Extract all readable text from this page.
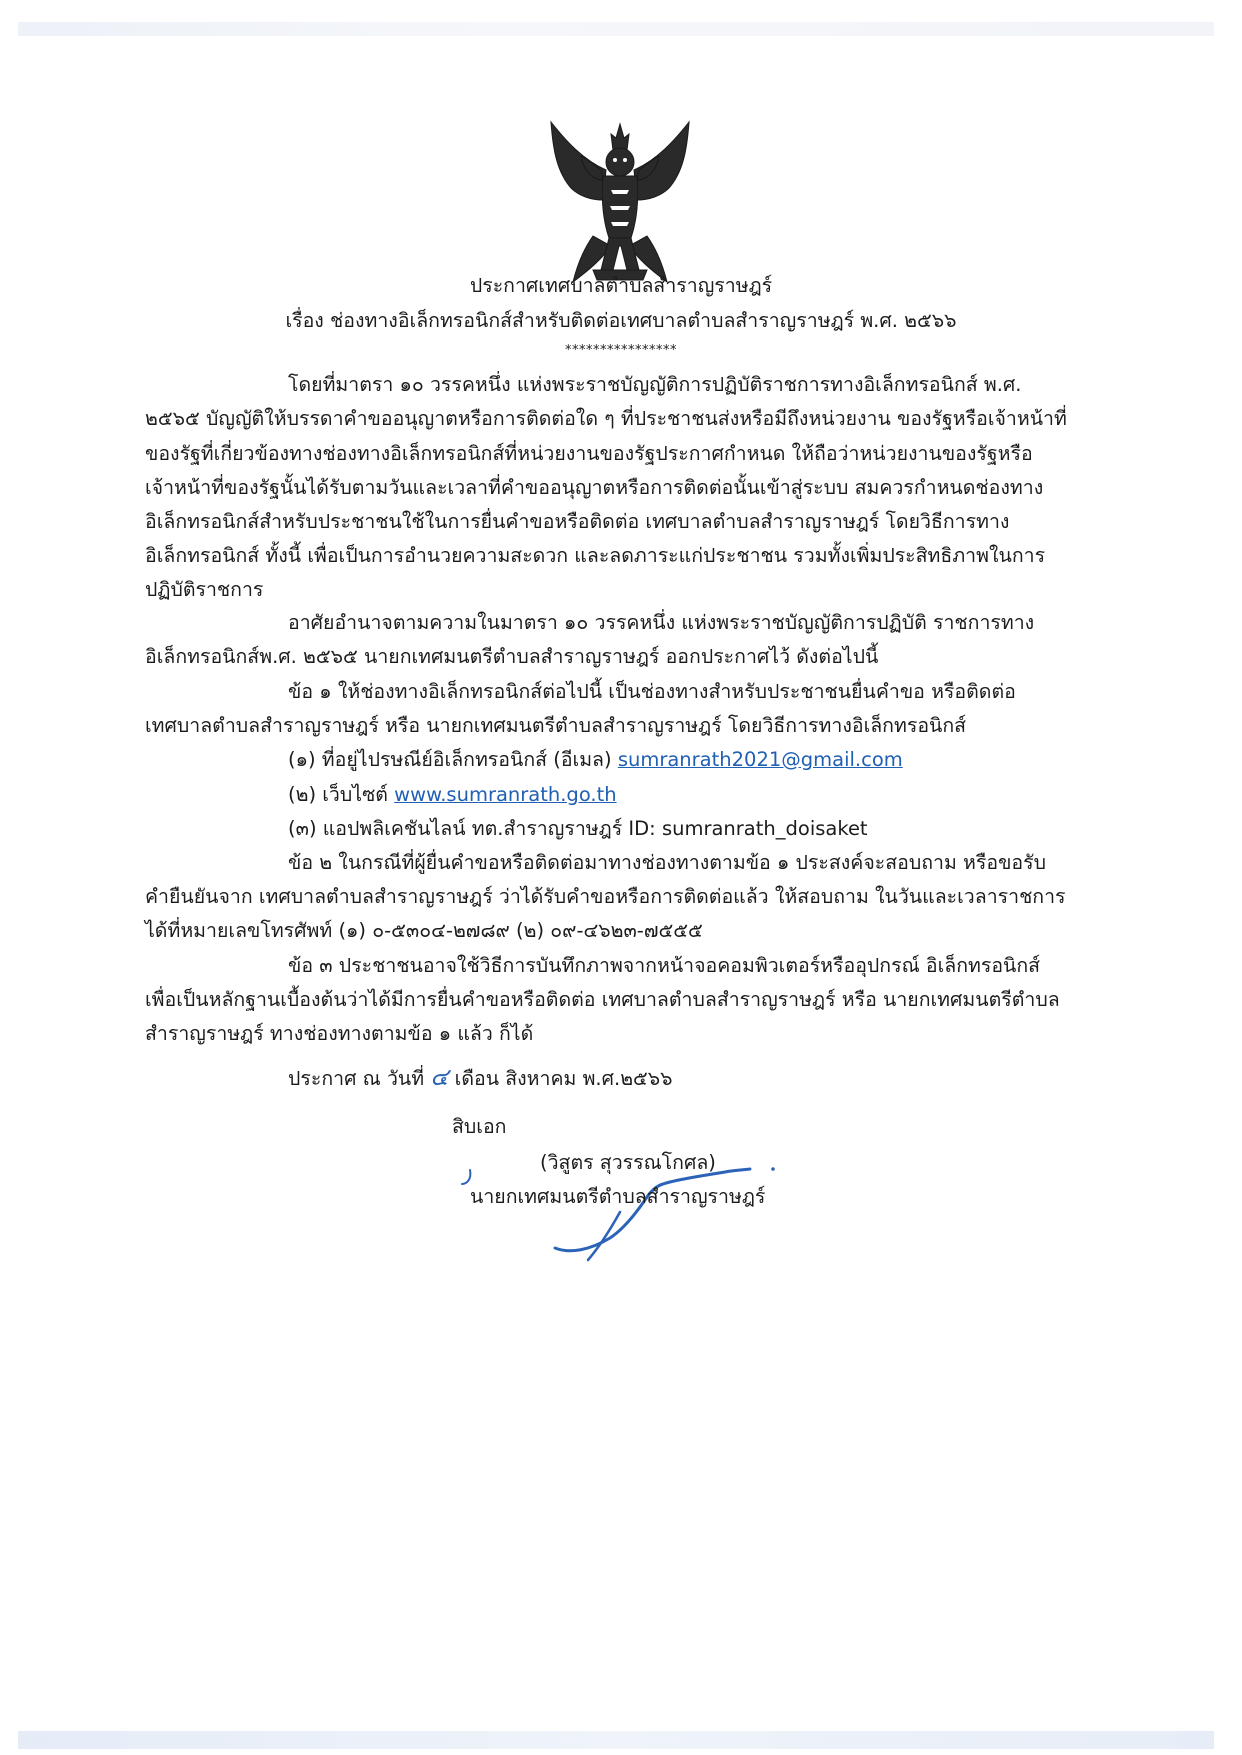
ประกาศเทศบาลตำบลสำราญราษฎร์
เรื่อง ช่องทางอิเล็กทรอนิกส์สำหรับติดต่อเทศบาลตำบลสำราญราษฎร์ พ.ศ. ๒๕๖๖
****************
โดยที่มาตรา ๑๐ วรรคหนึ่ง แห่งพระราชบัญญัติการปฏิบัติราชการทางอิเล็กทรอนิกส์ พ.ศ.
๒๕๖๕ บัญญัติให้บรรดาคำขออนุญาตหรือการติดต่อใด ๆ ที่ประชาชนส่งหรือมีถึงหน่วยงาน ของรัฐหรือเจ้าหน้าที่
ของรัฐที่เกี่ยวข้องทางช่องทางอิเล็กทรอนิกส์ที่หน่วยงานของรัฐประกาศกำหนด ให้ถือว่าหน่วยงานของรัฐหรือ
เจ้าหน้าที่ของรัฐนั้นได้รับตามวันและเวลาที่คำขออนุญาตหรือการติดต่อนั้นเข้าสู่ระบบ สมควรกำหนดช่องทาง
อิเล็กทรอนิกส์สำหรับประชาชนใช้ในการยื่นคำขอหรือติดต่อ เทศบาลตำบลสำราญราษฎร์ โดยวิธีการทาง
อิเล็กทรอนิกส์ ทั้งนี้ เพื่อเป็นการอำนวยความสะดวก และลดภาระแก่ประชาชน รวมทั้งเพิ่มประสิทธิภาพในการ
ปฏิบัติราชการ
อาศัยอำนาจตามความในมาตรา ๑๐ วรรคหนึ่ง แห่งพระราชบัญญัติการปฏิบัติ ราชการทาง
อิเล็กทรอนิกส์พ.ศ. ๒๕๖๕ นายกเทศมนตรีตำบลสำราญราษฎร์ ออกประกาศไว้ ดังต่อไปนี้
ข้อ ๑ ให้ช่องทางอิเล็กทรอนิกส์ต่อไปนี้ เป็นช่องทางสำหรับประชาชนยื่นคำขอ หรือติดต่อ
เทศบาลตำบลสำราญราษฎร์ หรือ นายกเทศมนตรีตำบลสำราญราษฎร์ โดยวิธีการทางอิเล็กทรอนิกส์
(๑) ที่อยู่ไปรษณีย์อิเล็กทรอนิกส์ (อีเมล) sumranrath2021@gmail.com
(๒) เว็บไซต์ www.sumranrath.go.th
(๓) แอปพลิเคชันไลน์ ทต.สำราญราษฎร์ ID: sumranrath_doisaket
ข้อ ๒ ในกรณีที่ผู้ยื่นคำขอหรือติดต่อมาทางช่องทางตามข้อ ๑ ประสงค์จะสอบถาม หรือขอรับ
คำยืนยันจาก เทศบาลตำบลสำราญราษฎร์ ว่าได้รับคำขอหรือการติดต่อแล้ว ให้สอบถาม ในวันและเวลาราชการ
ได้ที่หมายเลขโทรศัพท์ (๑) ๐-๕๓๐๔-๒๗๘๙ (๒) ๐๙-๔๖๒๓-๗๕๕๕
ข้อ ๓ ประชาชนอาจใช้วิธีการบันทึกภาพจากหน้าจอคอมพิวเตอร์หรืออุปกรณ์ อิเล็กทรอนิกส์
เพื่อเป็นหลักฐานเบื้องต้นว่าได้มีการยื่นคำขอหรือติดต่อ เทศบาลตำบลสำราญราษฎร์ หรือ นายกเทศมนตรีตำบล
สำราญราษฎร์ ทางช่องทางตามข้อ ๑ แล้ว ก็ได้
ประกาศ ณ วันที่ ๔ เดือน สิงหาคม พ.ศ.๒๕๖๖
สิบเอก
(วิสูตร สุวรรณโกศล)
นายกเทศมนตรีตำบลสำราญราษฎร์
